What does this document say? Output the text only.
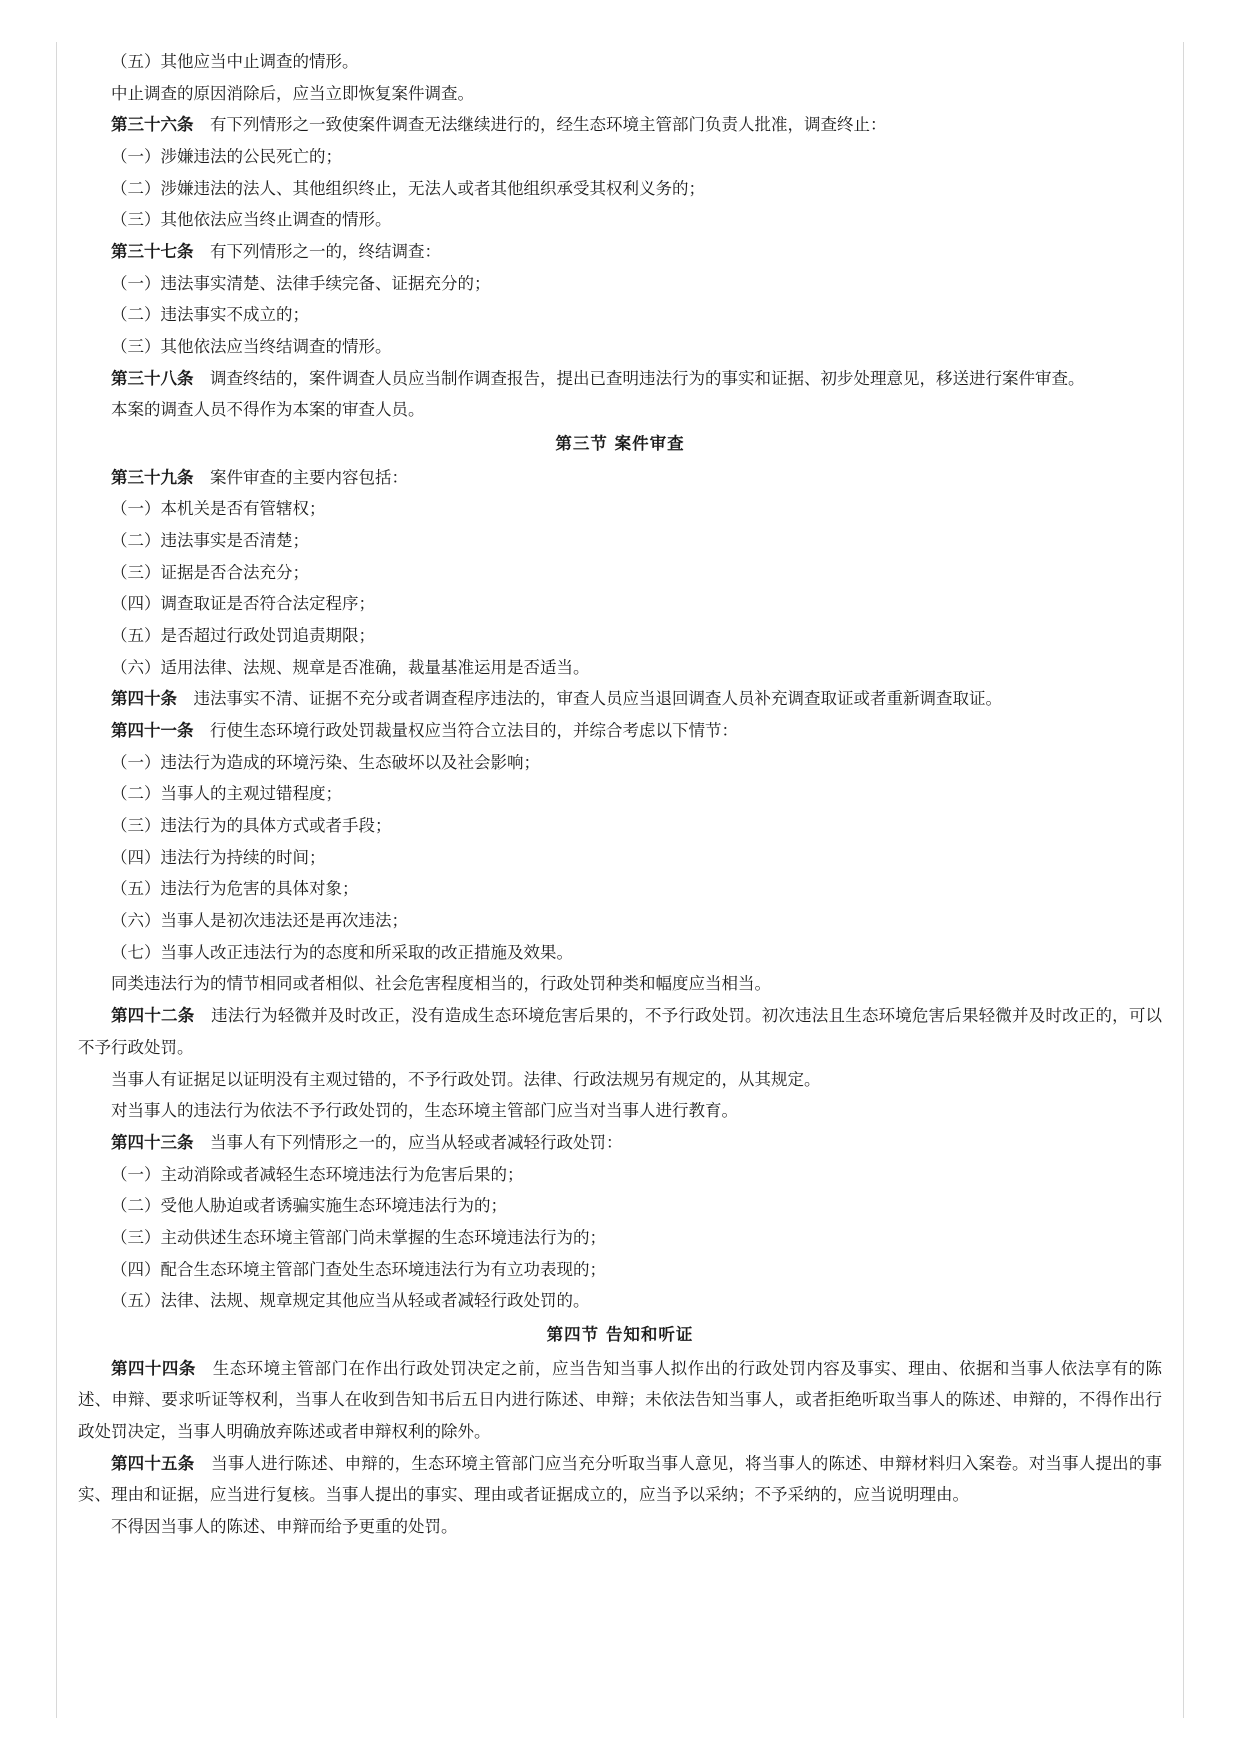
（五）其他应当中止调查的情形。

中止调查的原因消除后，应当立即恢复案件调查。

第三十六条　 有下列情形之一致使案件调查无法继续进行的，经生态环境主管部门负责人批准，调查终止：

（一）涉嫌违法的公民死亡的；

（二）涉嫌违法的法人、其他组织终止，无法人或者其他组织承受其权利义务的；

（三）其他依法应当终止调查的情形。

第三十七条　 有下列情形之一的，终结调查：

（一）违法事实清楚、法律手续完备、证据充分的；

（二）违法事实不成立的；

（三）其他依法应当终结调查的情形。

第三十八条　 调查终结的，案件调查人员应当制作调查报告，提出已查明违法行为的事实和证据、初步处理意见，移送进行案件审查。

本案的调查人员不得作为本案的审查人员。

第三节 案件审查

第三十九条　 案件审查的主要内容包括：

（一）本机关是否有管辖权；

（二）违法事实是否清楚；

（三）证据是否合法充分；

（四）调查取证是否符合法定程序；

（五）是否超过行政处罚追责期限；

（六）适用法律、法规、规章是否准确，裁量基准运用是否适当。

第四十条　 违法事实不清、证据不充分或者调查程序违法的，审查人员应当退回调查人员补充调查取证或者重新调查取证。

第四十一条　 行使生态环境行政处罚裁量权应当符合立法目的，并综合考虑以下情节：

（一）违法行为造成的环境污染、生态破坏以及社会影响；

（二）当事人的主观过错程度；

（三）违法行为的具体方式或者手段；

（四）违法行为持续的时间；

（五）违法行为危害的具体对象；

（六）当事人是初次违法还是再次违法；

（七）当事人改正违法行为的态度和所采取的改正措施及效果。

同类违法行为的情节相同或者相似、社会危害程度相当的，行政处罚种类和幅度应当相当。

第四十二条　 违法行为轻微并及时改正，没有造成生态环境危害后果的，不予行政处罚。初次违法且生态环境危害后果轻微并及时改正的，可以不予行政处罚。

当事人有证据足以证明没有主观过错的，不予行政处罚。法律、行政法规另有规定的，从其规定。

对当事人的违法行为依法不予行政处罚的，生态环境主管部门应当对当事人进行教育。

第四十三条　 当事人有下列情形之一的，应当从轻或者减轻行政处罚：

（一）主动消除或者减轻生态环境违法行为危害后果的；

（二）受他人胁迫或者诱骗实施生态环境违法行为的；

（三）主动供述生态环境主管部门尚未掌握的生态环境违法行为的；

（四）配合生态环境主管部门查处生态环境违法行为有立功表现的；

（五）法律、法规、规章规定其他应当从轻或者减轻行政处罚的。

第四节 告知和听证

第四十四条　 生态环境主管部门在作出行政处罚决定之前，应当告知当事人拟作出的行政处罚内容及事实、理由、依据和当事人依法享有的陈述、申辩、要求听证等权利，当事人在收到告知书后五日内进行陈述、申辩；未依法告知当事人，或者拒绝听取当事人的陈述、申辩的，不得作出行政处罚决定，当事人明确放弃陈述或者申辩权利的除外。

第四十五条　 当事人进行陈述、申辩的，生态环境主管部门应当充分听取当事人意见，将当事人的陈述、申辩材料归入案卷。对当事人提出的事实、理由和证据，应当进行复核。当事人提出的事实、理由或者证据成立的，应当予以采纳；不予采纳的，应当说明理由。

不得因当事人的陈述、申辩而给予更重的处罚。
